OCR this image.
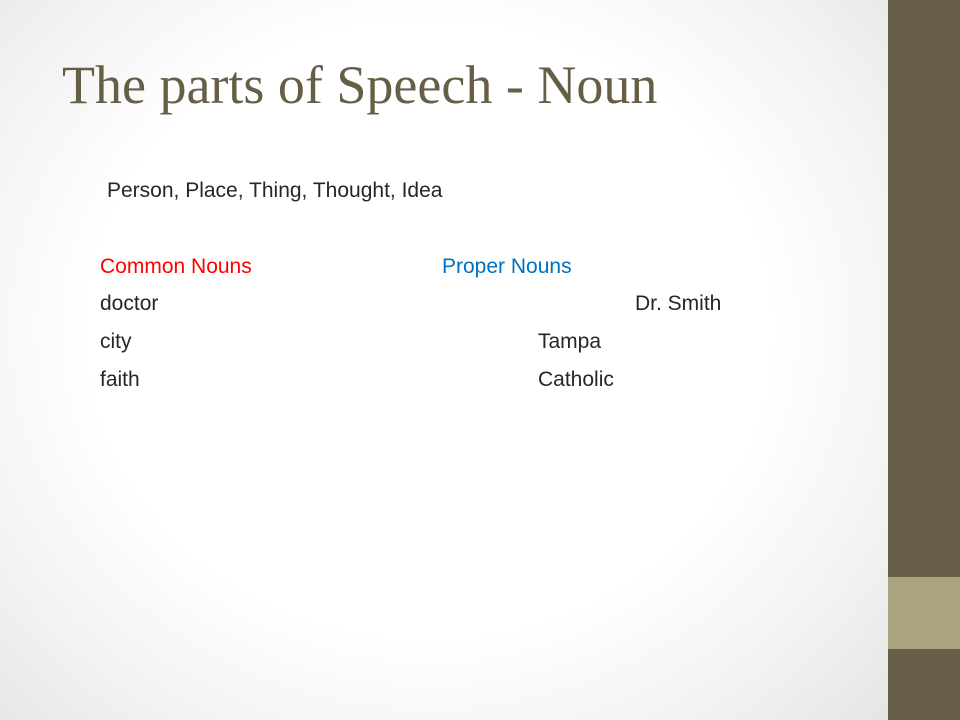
The parts of Speech - Noun
Person, Place, Thing, Thought, Idea
Common Nouns	Proper Nouns
doctor
city
faith
Dr. Smith
Tampa
Catholic
